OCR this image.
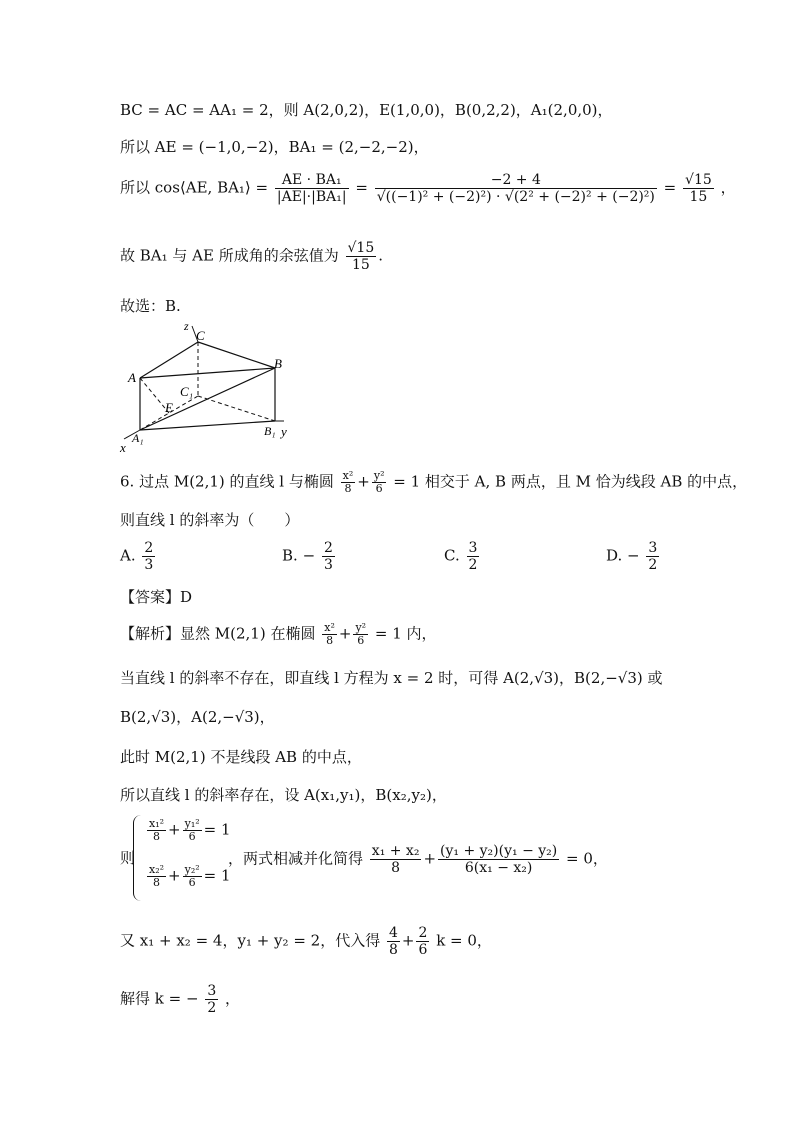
BC = AC = AA₁ = 2，则 A(2,0,2)，E(1,0,0)，B(0,2,2)，A₁(2,0,0)，
所以 AE = (−1,0,−2)，BA₁ = (2,−2,−2)，
所以 cos⟨AE, BA₁⟩ = $\frac{\text{AE · BA₁}}{\text{|AE|·|BA₁|}} = \frac{-2 + 4}{\text{√((−1)² + (−2)²) · √(2² + (−2)² + (−2)²)}} = \frac{√15}{15}$ ，
故 BA₁ 与 AE 所成角的余弦值为 $\frac{√15}{15}$ .
故选：B.
z
C
B
A
C₁
E
A₁	B₁ y
x
6. 过点 M(2,1) 的直线 l 与椭圆 $\frac{\text{x²}}{8} + \frac{\text{y²}}{6} = 1$ 相交于 A, B 两点，且 M 恰为线段 AB 的中点，
则直线 l 的斜率为（　　）
A. $\frac{2}{3}$	B. − $\frac{2}{3}$	C. $\frac{3}{2}$	D. − $\frac{3}{2}$
【答案】D
【解析】显然 M(2,1) 在椭圆 $\frac{\text{x²}}{8} + \frac{\text{y²}}{6} = 1$ 内，
当直线 l 的斜率不存在，即直线 l 方程为 x = 2 时，可得 A(2,√3)，B(2,−√3) 或
B(2,√3)，A(2,−√3)，
此时 M(2,1) 不是线段 AB 的中点，
所以直线 l 的斜率存在，设 A(x₁,y₁)，B(x₂,y₂)，
则
$\frac{\text{x₁²}}{8} + \frac{\text{y₁²}}{6} = 1$
$\frac{\text{x₂²}}{8} + \frac{\text{y₂²}}{6} = 1$
，两式相减并化简得 $\frac{\text{x₁ + x₂}}{8} + \frac{\text{(y₁ + y₂)(y₁ − y₂)}}{\text{6(x₁ − x₂)}} = 0$，
又 x₁ + x₂ = 4，y₁ + y₂ = 2，代入得 $\frac{4}{8} + \frac{2}{6}$ k = 0，
解得 k = − $\frac{3}{2}$ ，
